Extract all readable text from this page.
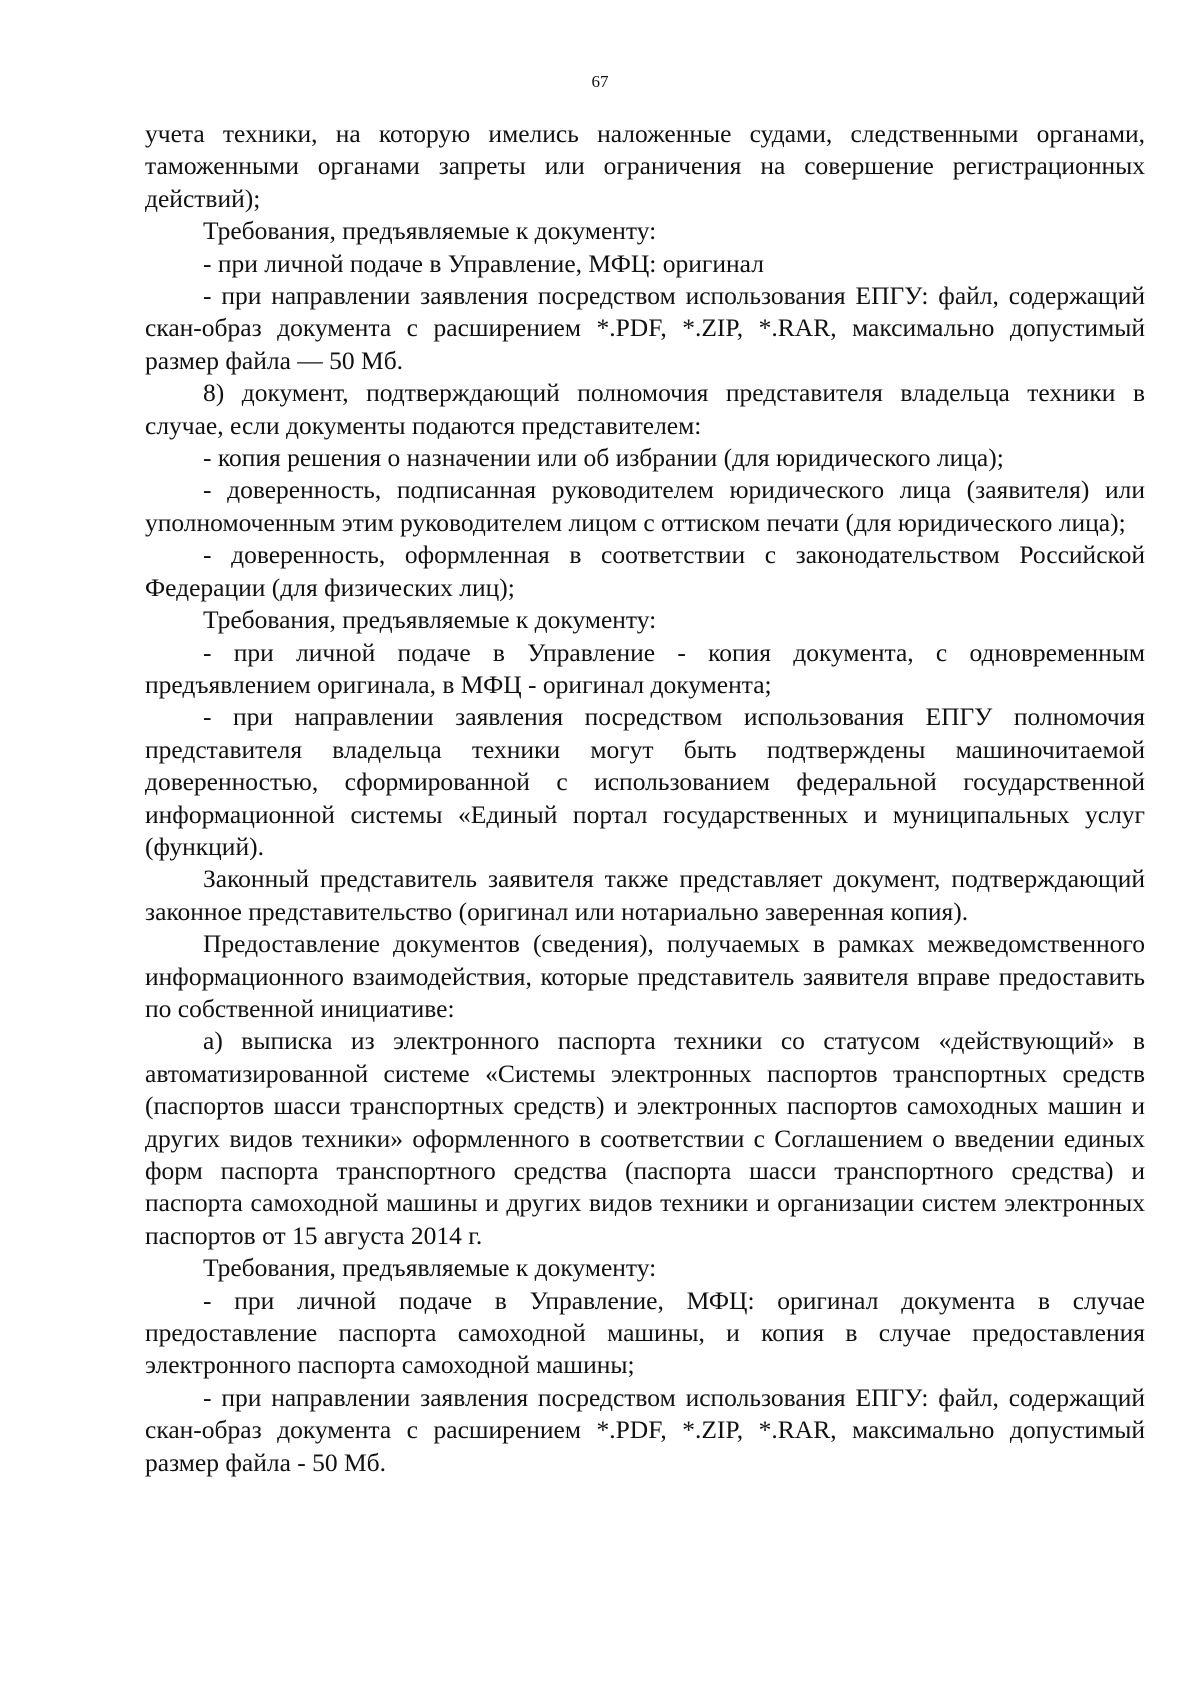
67

учета техники, на которую имелись наложенные судами, следственными органами, таможенными органами запреты или ограничения на совершение регистрационных действий);

Требования, предъявляемые к документу:

- при личной подаче в Управление, МФЦ: оригинал

- при направлении заявления посредством использования ЕПГУ: файл, содержащий скан-образ документа с расширением *.PDF, *.ZIP, *.RAR, максимально допустимый размер файла — 50 Мб.

8) документ, подтверждающий полномочия представителя владельца техники в случае, если документы подаются представителем:

- копия решения о назначении или об избрании (для юридического лица);

- доверенность, подписанная руководителем юридического лица (заявителя) или уполномоченным этим руководителем лицом с оттиском печати (для юридического лица);

- доверенность, оформленная в соответствии с законодательством Российской Федерации (для физических лиц);

Требования, предъявляемые к документу:

- при личной подаче в Управление - копия документа, с одновременным предъявлением оригинала, в МФЦ - оригинал документа;

- при направлении заявления посредством использования ЕПГУ полномочия представителя владельца техники могут быть подтверждены машиночитаемой доверенностью, сформированной с использованием федеральной государственной информационной системы «Единый портал государственных и муниципальных услуг (функций).

Законный представитель заявителя также представляет документ, подтверждающий законное представительство (оригинал или нотариально заверенная копия).

Предоставление документов (сведения), получаемых в рамках межведомственного информационного взаимодействия, которые представитель заявителя вправе предоставить по собственной инициативе:

а) выписка из электронного паспорта техники со статусом «действующий» в автоматизированной системе «Системы электронных паспортов транспортных средств (паспортов шасси транспортных средств) и электронных паспортов самоходных машин и других видов техники» оформленного в соответствии с Соглашением о введении единых форм паспорта транспортного средства (паспорта шасси транспортного средства) и паспорта самоходной машины и других видов техники и организации систем электронных паспортов от 15 августа 2014 г.

Требования, предъявляемые к документу:

- при личной подаче в Управление, МФЦ: оригинал документа в случае предоставление паспорта самоходной машины, и копия в случае предоставления электронного паспорта самоходной машины;

- при направлении заявления посредством использования ЕПГУ: файл, содержащий скан-образ документа с расширением *.PDF, *.ZIP, *.RAR, максимально допустимый размер файла - 50 Мб.
